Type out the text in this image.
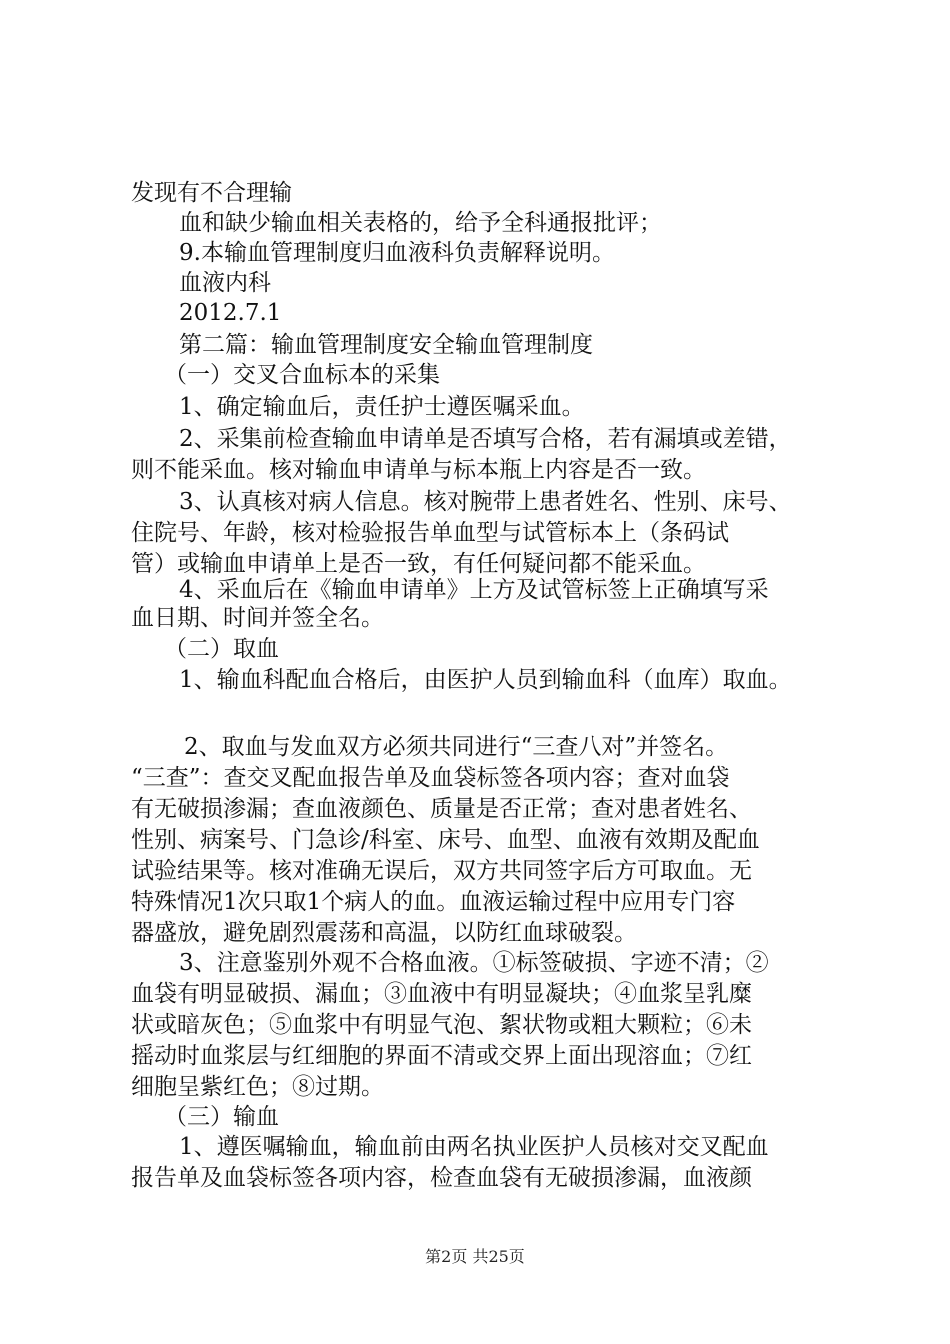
发现有不合理输
血和缺少输血相关表格的，给予全科通报批评；
9.本输血管理制度归血液科负责解释说明。
血液内科
2012.7.1
第二篇：输血管理制度安全输血管理制度
（一）交叉合血标本的采集
1、确定输血后，责任护士遵医嘱采血。
2、采集前检查输血申请单是否填写合格，若有漏填或差错，
则不能采血。核对输血申请单与标本瓶上内容是否一致。
3、认真核对病人信息。核对腕带上患者姓名、性别、床号、
住院号、年龄，核对检验报告单血型与试管标本上（条码试
管）或输血申请单上是否一致，有任何疑问都不能采血。
4、采血后在《输血申请单》上方及试管标签上正确填写采
血日期、时间并签全名。
（二）取血
1、输血科配血合格后，由医护人员到输血科（血库）取血。
2、取血与发血双方必须共同进行“三查八对”并签名。
“三查”：查交叉配血报告单及血袋标签各项内容；查对血袋
有无破损渗漏；查血液颜色、质量是否正常；查对患者姓名、
性别、病案号、门急诊/科室、床号、血型、血液有效期及配血
试验结果等。核对准确无误后，双方共同签字后方可取血。无
特殊情况1次只取1个病人的血。血液运输过程中应用专门容
器盛放，避免剧烈震荡和高温，以防红血球破裂。
3、注意鉴别外观不合格血液。①标签破损、字迹不清；②
血袋有明显破损、漏血；③血液中有明显凝块；④血浆呈乳糜
状或暗灰色；⑤血浆中有明显气泡、絮状物或粗大颗粒；⑥未
摇动时血浆层与红细胞的界面不清或交界上面出现溶血；⑦红
细胞呈紫红色；⑧过期。
（三）输血
1、遵医嘱输血，输血前由两名执业医护人员核对交叉配血
报告单及血袋标签各项内容，检查血袋有无破损渗漏，血液颜
第2页 共25页
